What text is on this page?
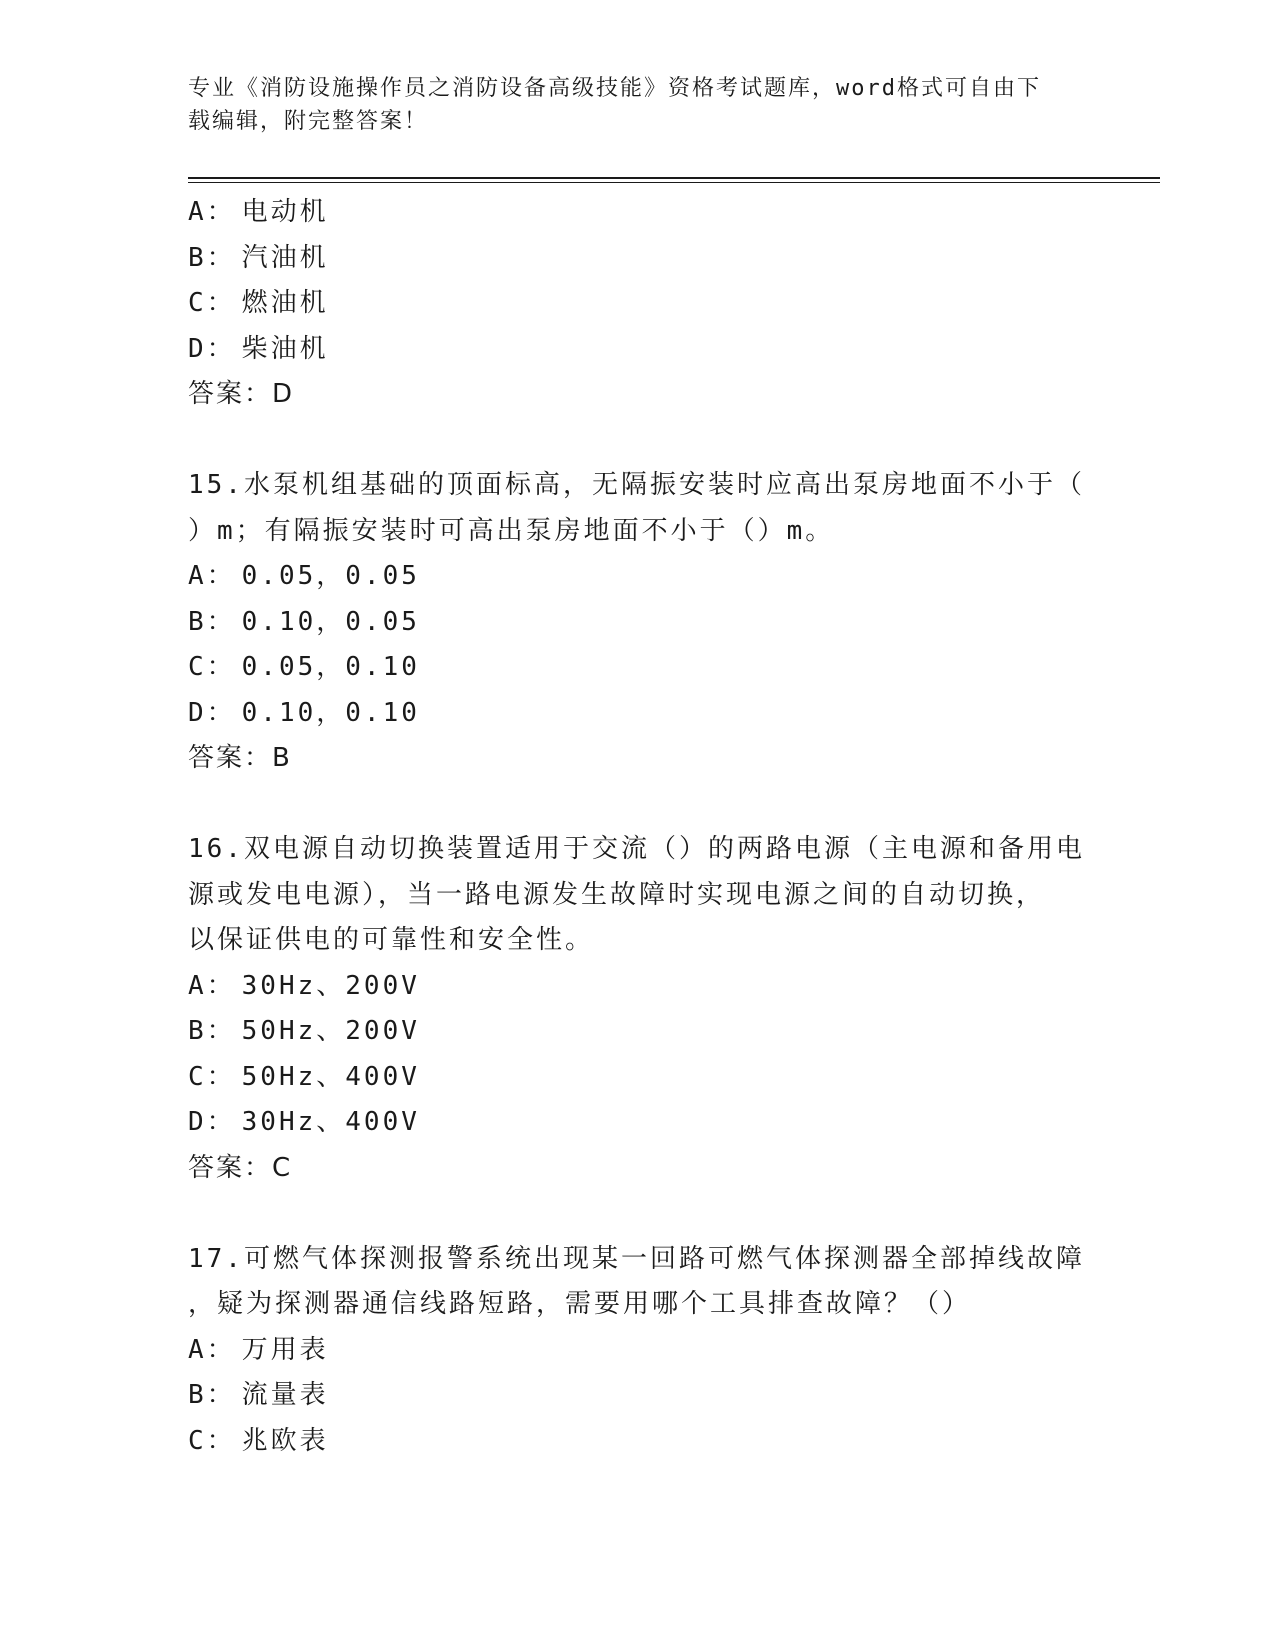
专业《消防设施操作员之消防设备高级技能》资格考试题库，word格式可自由下
载编辑，附完整答案！
A： 电动机
B： 汽油机
C： 燃油机
D： 柴油机
答案：D
15.水泵机组基础的顶面标高，无隔振安装时应高出泵房地面不小于（
）m；有隔振安装时可高出泵房地面不小于（）m。
A： 0.05，0.05
B： 0.10，0.05
C： 0.05，0.10
D： 0.10，0.10
答案：B
16.双电源自动切换装置适用于交流（）的两路电源（主电源和备用电
源或发电电源），当一路电源发生故障时实现电源之间的自动切换，
以保证供电的可靠性和安全性。
A： 30Hz、200V
B： 50Hz、200V
C： 50Hz、400V
D： 30Hz、400V
答案：C
17.可燃气体探测报警系统出现某一回路可燃气体探测器全部掉线故障
，疑为探测器通信线路短路，需要用哪个工具排查故障？（）
A： 万用表
B： 流量表
C： 兆欧表
